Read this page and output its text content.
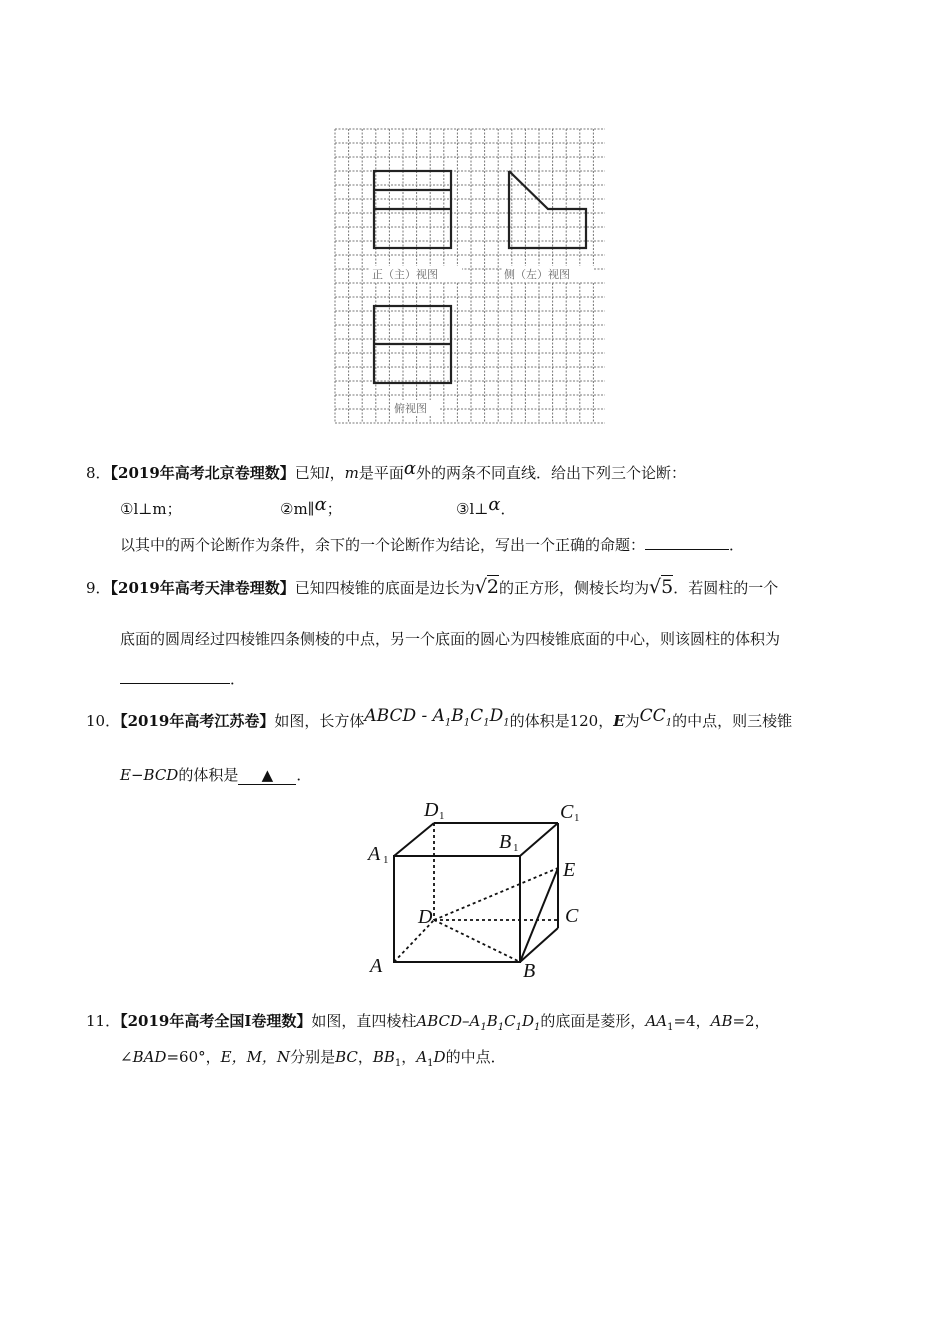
正（主）视图	侧（左）视图
俯视图
8．【2019年高考北京卷理数】已知l，m是平面α外的两条不同直线．给出下列三个论断：
①l⊥m；	②m∥α；	③l⊥α．
以其中的两个论断作为条件，余下的一个论断作为结论，写出一个正确的命题：	．
9．【2019年高考天津卷理数】已知四棱锥的底面是边长为√2的正方形，侧棱长均为√5．若圆柱的一个
底面的圆周经过四棱锥四条侧棱的中点，另一个底面的圆心为四棱锥底面的中心，则该圆柱的体积为
．
10．【2019年高考江苏卷】如图，长方体ABCD - $A_1B_1C_1D_1$的体积是120，E为$CC_1$的中点，则三棱锥
E−BCD的体积是 ▲ ．
A 1
D 1
B 1
C 1
E
D	C
A	B
11．【2019年高考全国Ⅰ卷理数】如图，直四棱柱ABCD–$A_1B_1C_1D_1$的底面是菱形，$AA_1=4$，AB=2，
∠BAD=60°，E，M，N分别是BC，$BB_1$，$A_1D$的中点．
